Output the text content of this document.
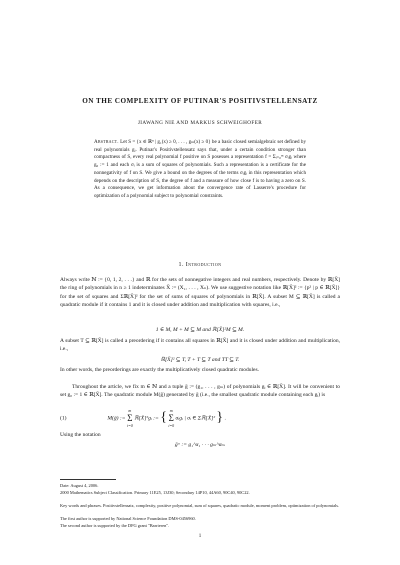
ON THE COMPLEXITY OF PUTINAR'S POSITIVSTELLENSATZ
JIAWANG NIE AND MARKUS SCHWEIGHOFER
Abstract. Let S = {x ∈ ℝⁿ | g₁(x) ≥ 0, . . . , gₘ(x) ≥ 0} be a basic closed semialgebraic set defined by real polynomials gᵢ. Putinar's Positivstellensatz says that, under a certain condition stronger than compactness of S, every real polynomial f positive on S posesses a representation f = Σᵢ₌₀ᵐ σᵢgᵢ where g₀ := 1 and each σᵢ is a sum of squares of polynomials. Such a representation is a certificate for the nonnegativity of f on S. We give a bound on the degrees of the terms σᵢgᵢ in this representation which depends on the description of S, the degree of f and a measure of how close f is to having a zero on S. As a consequence, we get information about the convergence rate of Lasserre's procedure for optimization of a polynomial subject to polynomial constraints.
1. Introduction
Always write ℕ := {0, 1, 2, . . .} and ℝ for the sets of nonnegative integers and real numbers, respectively. Denote by ℝ[X̄] the ring of polynomials in n ≥ 1 indeterminates X̄ := (X₁, . . . , Xₙ). We use suggestive notation like ℝ[X̄]² := {p² | p ∈ ℝ[X̄]} for the set of squares and Σℝ[X̄]² for the set of sums of squares of polynomials in ℝ[X̄]. A subset M ⊆ ℝ[X̄] is called a quadratic module if it contains 1 and it is closed under addition and multiplication with squares, i.e.,
1 ∈ M, M + M ⊆ M and ℝ[X̄]²M ⊆ M.
A subset T ⊆ ℝ[X̄] is called a preordering if it contains all squares in ℝ[X̄] and it is closed under addition and multiplication, i.e.,
ℝ[X̄]² ⊆ T, T + T ⊆ T and TT ⊆ T.
In other words, the preorderings are exactly the multiplicatively closed quadratic modules.
Throughout the article, we fix m ∈ ℕ and a tuple ḡ := (g₁, . . . , gₘ) of polynomials gᵢ ∈ ℝ[X̄]. It will be convenient to set g₀ := 1 ∈ ℝ[X̄]. The quadratic module M(ḡ) generated by ḡ (i.e., the smallest quadratic module containing each gᵢ) is
(1)	M(ḡ) :=
m
Σ
i=0
ℝ[X̄]²gᵢ := { m
Σ
i=0
σᵢgᵢ | σᵢ ∈ Σℝ[X̄]² } .
Using the notation
ḡᵅ := g₁^α₁ · · · gₘ^αₘ
Date: August 4, 2006.
2000 Mathematics Subject Classification. Primary 11E25, 13J30; Secondary 14P10, 44A60, 90C40, 90C22.
Key words and phrases. Positivstellensatz, complexity, positive polynomial, sum of squares, quadratic module, moment problem, optimization of polynomials.
The first author is supported by National Science Foundation DMS-0456960.
The second author is supported by the DFG grant "Barrieren".
1
